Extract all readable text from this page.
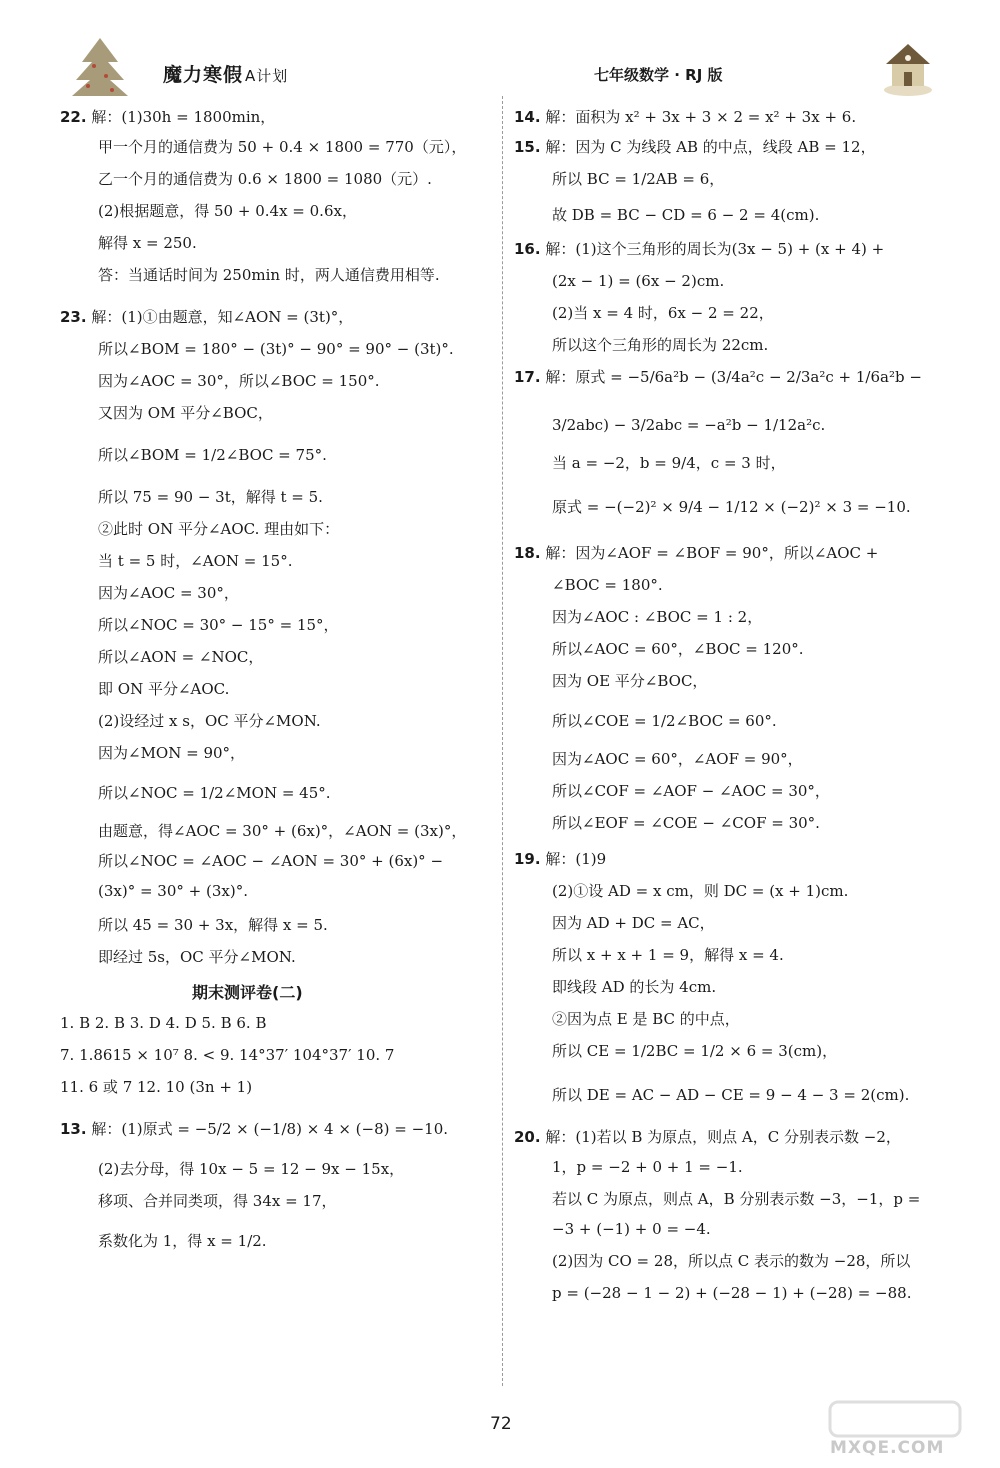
魔力寒假 A计划	七年级数学 · RJ 版
22. 解：(1)30h = 1800min，
甲一个月的通信费为 50 + 0.4 × 1800 = 770（元），
乙一个月的通信费为 0.6 × 1800 = 1080（元）.
(2)根据题意，得 50 + 0.4x = 0.6x，
解得 x = 250.
答：当通话时间为 250min 时，两人通信费用相等.
23. 解：(1)①由题意，知∠AON = (3t)°，
所以∠BOM = 180° − (3t)° − 90° = 90° − (3t)°.
因为∠AOC = 30°，所以∠BOC = 150°.
又因为 OM 平分∠BOC，
所以∠BOM = 1/2∠BOC = 75°.
所以 75 = 90 − 3t，解得 t = 5.
②此时 ON 平分∠AOC. 理由如下：
当 t = 5 时，∠AON = 15°.
因为∠AOC = 30°，
所以∠NOC = 30° − 15° = 15°，
所以∠AON = ∠NOC，
即 ON 平分∠AOC.
(2)设经过 x s，OC 平分∠MON.
因为∠MON = 90°，
所以∠NOC = 1/2∠MON = 45°.
由题意，得∠AOC = 30° + (6x)°，∠AON = (3x)°，
所以∠NOC = ∠AOC − ∠AON = 30° + (6x)° −
(3x)° = 30° + (3x)°.
所以 45 = 30 + 3x，解得 x = 5.
即经过 5s，OC 平分∠MON.
期末测评卷(二)
1. B 2. B 3. D 4. D 5. B 6. B
7. 1.8615 × 10⁷ 8. < 9. 14°37′ 104°37′ 10. 7
11. 6 或 7 12. 10 (3n + 1)
13. 解：(1)原式 = −5/2 × (−1/8) × 4 × (−8) = −10.
(2)去分母，得 10x − 5 = 12 − 9x − 15x，
移项、合并同类项，得 34x = 17，
系数化为 1，得 x = 1/2.
14. 解：面积为 x² + 3x + 3 × 2 = x² + 3x + 6.
15. 解：因为 C 为线段 AB 的中点，线段 AB = 12，
所以 BC = 1/2AB = 6，
故 DB = BC − CD = 6 − 2 = 4(cm).
16. 解：(1)这个三角形的周长为(3x − 5) + (x + 4) +
(2x − 1) = (6x − 2)cm.
(2)当 x = 4 时，6x − 2 = 22，
所以这个三角形的周长为 22cm.
17. 解：原式 = −5/6a²b − (3/4a²c − 2/3a²c + 1/6a²b −
3/2abc) − 3/2abc = −a²b − 1/12a²c.
当 a = −2，b = 9/4，c = 3 时，
原式 = −(−2)² × 9/4 − 1/12 × (−2)² × 3 = −10.
18. 解：因为∠AOF = ∠BOF = 90°，所以∠AOC +
∠BOC = 180°.
因为∠AOC : ∠BOC = 1 : 2，
所以∠AOC = 60°，∠BOC = 120°.
因为 OE 平分∠BOC，
所以∠COE = 1/2∠BOC = 60°.
因为∠AOC = 60°，∠AOF = 90°，
所以∠COF = ∠AOF − ∠AOC = 30°，
所以∠EOF = ∠COE − ∠COF = 30°.
19. 解：(1)9
(2)①设 AD = x cm，则 DC = (x + 1)cm.
因为 AD + DC = AC，
所以 x + x + 1 = 9，解得 x = 4.
即线段 AD 的长为 4cm.
②因为点 E 是 BC 的中点，
所以 CE = 1/2BC = 1/2 × 6 = 3(cm)，
所以 DE = AC − AD − CE = 9 − 4 − 3 = 2(cm).
20. 解：(1)若以 B 为原点，则点 A，C 分别表示数 −2，
1，p = −2 + 0 + 1 = −1.
若以 C 为原点，则点 A，B 分别表示数 −3，−1，p =
−3 + (−1) + 0 = −4.
(2)因为 CO = 28，所以点 C 表示的数为 −28，所以
p = (−28 − 1 − 2) + (−28 − 1) + (−28) = −88.
72
MXQE.COM
